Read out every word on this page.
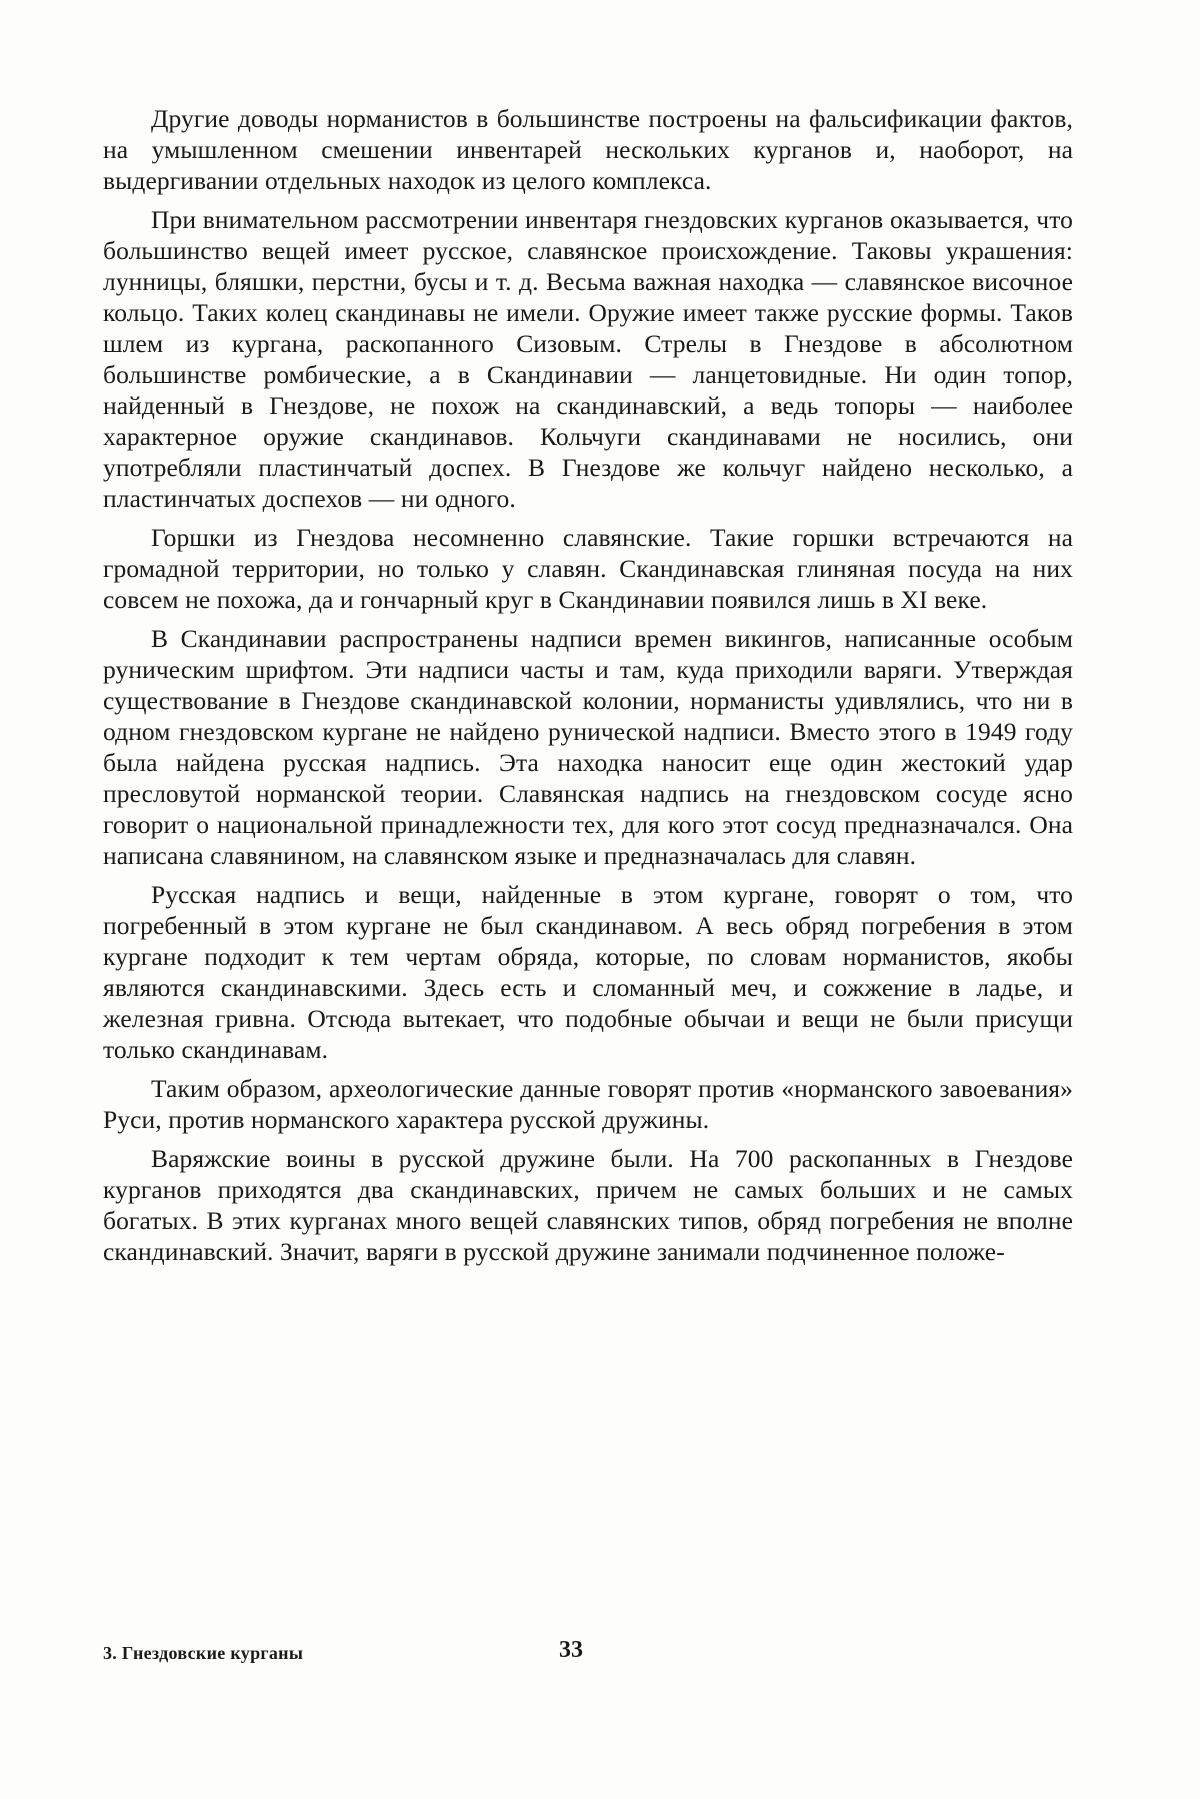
Другие доводы норманистов в большинстве построены на фальсификации фактов, на умышленном смешении инвентарей нескольких курганов и, наоборот, на выдергивании отдельных находок из целого комплекса.

При внимательном рассмотрении инвентаря гнездовских курганов оказывается, что большинство вещей имеет русское, славянское происхождение. Таковы украшения: лунницы, бляшки, перстни, бусы и т. д. Весьма важная находка — славянское височное кольцо. Таких колец скандинавы не имели. Оружие имеет также русские формы. Таков шлем из кургана, раскопанного Сизовым. Стрелы в Гнездове в абсолютном большинстве ромбические, а в Скандинавии — ланцетовидные. Ни один топор, найденный в Гнездове, не похож на скандинавский, а ведь топоры — наиболее характерное оружие скандинавов. Кольчуги скандинавами не носились, они употребляли пластинчатый доспех. В Гнездове же кольчуг найдено несколько, а пластинчатых доспехов — ни одного.

Горшки из Гнездова несомненно славянские. Такие горшки встречаются на громадной территории, но только у славян. Скандинавская глиняная посуда на них совсем не похожа, да и гончарный круг в Скандинавии появился лишь в XI веке.

В Скандинавии распространены надписи времен викингов, написанные особым руническим шрифтом. Эти надписи часты и там, куда приходили варяги. Утверждая существование в Гнездове скандинавской колонии, норманисты удивлялись, что ни в одном гнездовском кургане не найдено рунической надписи. Вместо этого в 1949 году была найдена русская надпись. Эта находка наносит еще один жестокий удар пресловутой норманской теории. Славянская надпись на гнездовском сосуде ясно говорит о национальной принадлежности тех, для кого этот сосуд предназначался. Она написана славянином, на славянском языке и предназначалась для славян.

Русская надпись и вещи, найденные в этом кургане, говорят о том, что погребенный в этом кургане не был скандинавом. А весь обряд погребения в этом кургане подходит к тем чертам обряда, которые, по словам норманистов, якобы являются скандинавскими. Здесь есть и сломанный меч, и сожжение в ладье, и железная гривна. Отсюда вытекает, что подобные обычаи и вещи не были присущи только скандинавам.

Таким образом, археологические данные говорят против «норманского завоевания» Руси, против норманского характера русской дружины.

Варяжские воины в русской дружине были. На 700 раскопанных в Гнездове курганов приходятся два скандинавских, причем не самых больших и не самых богатых. В этих курганах много вещей славянских типов, обряд погребения не вполне скандинавский. Значит, варяги в русской дружине занимали подчиненное положе-

3. Гнездовские курганы	33
